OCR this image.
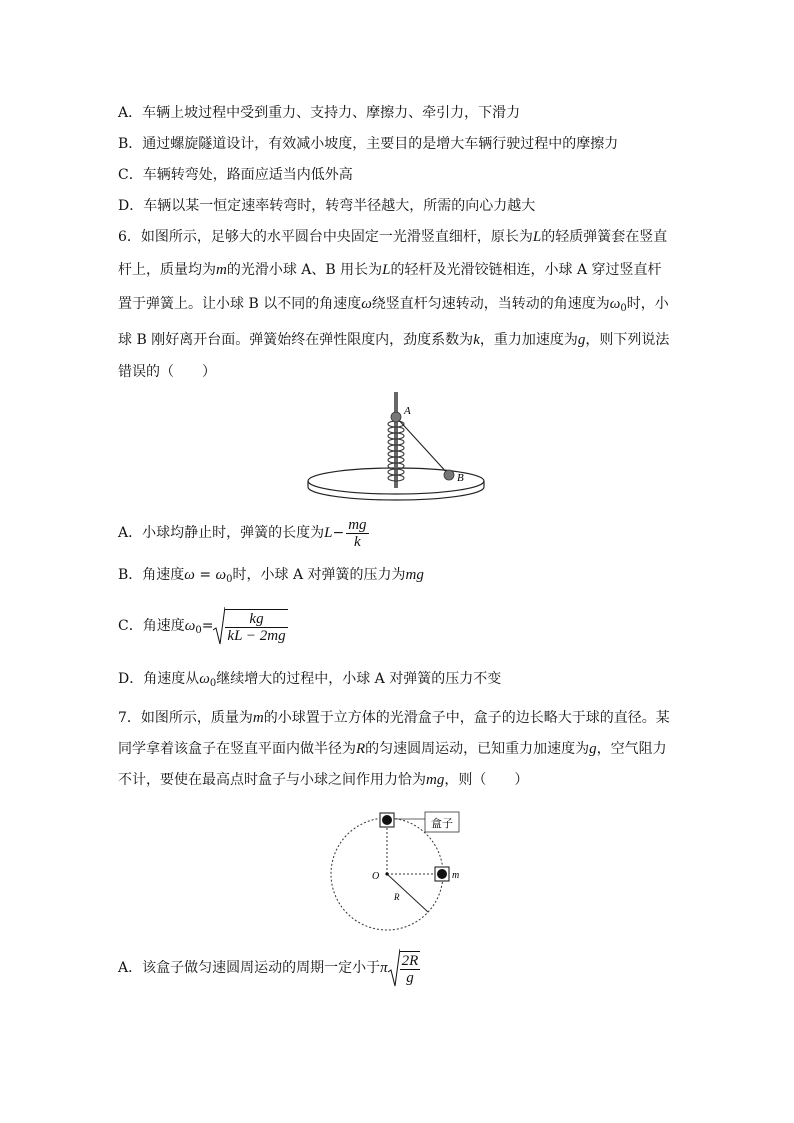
A．车辆上坡过程中受到重力、支持力、摩擦力、牵引力，下滑力
B．通过螺旋隧道设计，有效减小坡度，主要目的是增大车辆行驶过程中的摩擦力
C．车辆转弯处，路面应适当内低外高
D．车辆以某一恒定速率转弯时，转弯半径越大，所需的向心力越大
6．如图所示，足够大的水平圆台中央固定一光滑竖直细杆，原长为L的轻质弹簧套在竖直
杆上，质量均为m的光滑小球 A、B 用长为L的轻杆及光滑铰链相连，小球 A 穿过竖直杆
置于弹簧上。让小球 B 以不同的角速度ω绕竖直杆匀速转动，当转动的角速度为$\omega_0$时，小
球 B 刚好离开台面。弹簧始终在弹性限度内，劲度系数为k，重力加速度为g，则下列说法
错误的（　　）
A
B
A．小球均静止时，弹簧的长度为$L- \frac{mg}{k}$
B．角速度$\omega = \omega_0$时，小球 A 对弹簧的压力为mg
C．角速度$\omega_0= \frac{kg}{kL - 2mg}$
D．角速度从$\omega_0$继续增大的过程中，小球 A 对弹簧的压力不变
7．如图所示，质量为m的小球置于立方体的光滑盒子中，盒子的边长略大于球的直径。某
同学拿着该盒子在竖直平面内做半径为R的匀速圆周运动，已知重力加速度为g，空气阻力
不计，要使在最高点时盒子与小球之间作用力恰为mg，则（　　）
盒子
O	m
R
A．该盒子做匀速圆周运动的周期一定小于π $\frac{2R}{g}$
